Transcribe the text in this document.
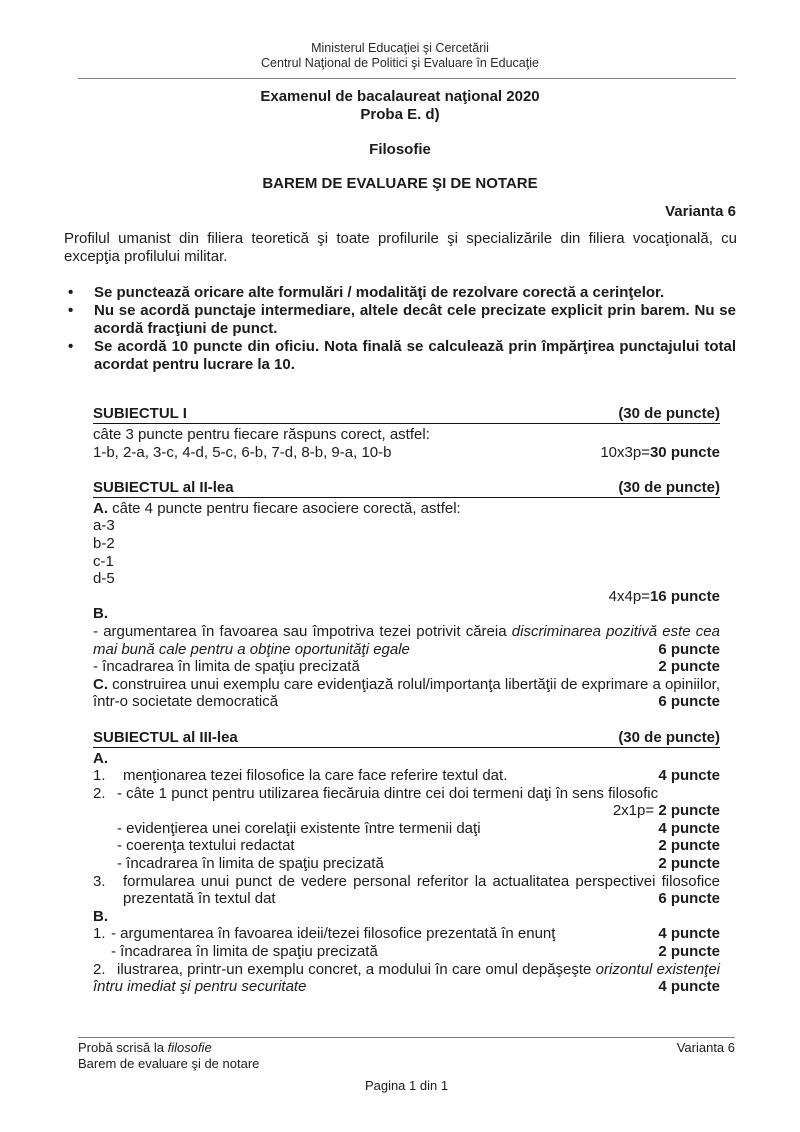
Ministerul Educaţiei şi Cercetării
Centrul Naţional de Politici şi Evaluare în Educaţie
Examenul de bacalaureat naţional 2020
Proba E. d)
Filosofie
BAREM DE EVALUARE ŞI DE NOTARE
Varianta 6
Profilul umanist din filiera teoretică şi toate profilurile şi specializările din filiera vocaţională, cu
excepţia profilului militar.
•	Se punctează oricare alte formulări / modalităţi de rezolvare corectă a cerinţelor.
•	Nu se acordă punctaje intermediare, altele decât cele precizate explicit prin barem. Nu se
acordă fracţiuni de punct.
•	Se acordă 10 puncte din oficiu. Nota finală se calculează prin împărţirea punctajului total
acordat pentru lucrare la 10.
SUBIECTUL I	(30 de puncte)
câte 3 puncte pentru fiecare răspuns corect, astfel:
1-b, 2-a, 3-c, 4-d, 5-c, 6-b, 7-d, 8-b, 9-a, 10-b	10x3p=30 puncte
SUBIECTUL al II-lea	(30 de puncte)
A. câte 4 puncte pentru fiecare asociere corectă, astfel:
a-3
b-2
c-1
d-5
4x4p=16 puncte
B.
- argumentarea în favoarea sau împotriva tezei potrivit căreia discriminarea pozitivă este cea
mai bună cale pentru a obţine oportunităţi egale	6 puncte
- încadrarea în limita de spaţiu precizată	2 puncte
C. construirea unui exemplu care evidenţiază rolul/importanţa libertăţii de exprimare a opiniilor,
într-o societate democratică	6 puncte
SUBIECTUL al III-lea	(30 de puncte)
A.
1.	menţionarea tezei filosofice la care face referire textul dat.	4 puncte
2. - câte 1 punct pentru utilizarea fiecăruia dintre cei doi termeni daţi în sens filosofic
2x1p= 2 puncte
- evidenţierea unei corelaţii existente între termenii daţi	4 puncte
- coerenţa textului redactat	2 puncte
- încadrarea în limita de spaţiu precizată	2 puncte
3.	formularea unui punct de vedere personal referitor la actualitatea perspectivei filosofice
prezentată în textul dat	6 puncte
B.
1. - argumentarea în favoarea ideii/tezei filosofice prezentată în enunţ	4 puncte
- încadrarea în limita de spaţiu precizată	2 puncte
2. ilustrarea, printr-un exemplu concret, a modului în care omul depăşeşte orizontul existenţei
întru imediat şi pentru securitate	4 puncte
Probă scrisă la filosofie	Varianta 6
Barem de evaluare şi de notare
Pagina 1 din 1
